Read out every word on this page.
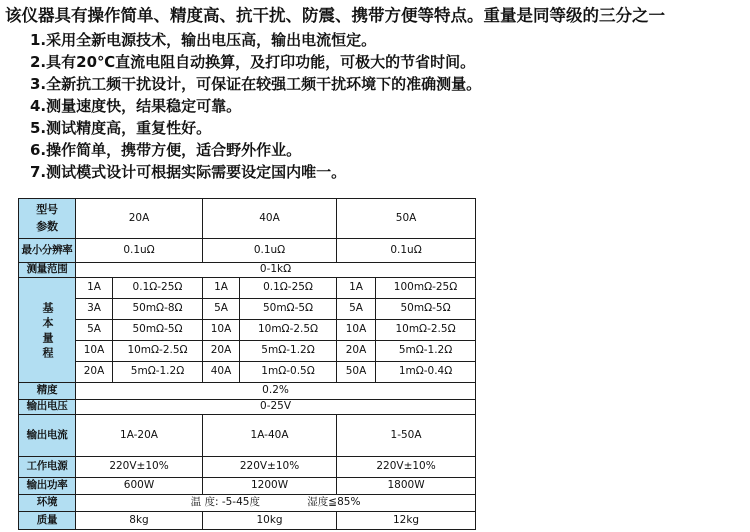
该仪器具有操作简单、精度高、抗干扰、防震、携带方便等特点。重量是同等级的三分之一
1.采用全新电源技术，输出电压高，输出电流恒定。
2.具有20℃直流电阻自动换算，及打印功能，可极大的节省时间。
3.全新抗工频干扰设计，可保证在较强工频干扰环境下的准确测量。
4.测量速度快，结果稳定可靠。
5.测试精度高，重复性好。
6.操作简单，携带方便，适合野外作业。
7.测试模式设计可根据实际需要设定国内唯一。
型号
参数	20A		40A		50A	
最小分辨率	0.1uΩ		0.1uΩ		0.1uΩ	
测量范围	0-1kΩ					
基本量程	1A	0.1Ω-25Ω	1A	0.1Ω-25Ω	1A	100mΩ-25Ω
	3A	50mΩ-8Ω	5A	50mΩ-5Ω	5A	50mΩ-5Ω
	5A	50mΩ-5Ω	10A	10mΩ-2.5Ω	10A	10mΩ-2.5Ω
	10A	10mΩ-2.5Ω	20A	5mΩ-1.2Ω	20A	5mΩ-1.2Ω
	20A	5mΩ-1.2Ω	40A	1mΩ-0.5Ω	50A	1mΩ-0.4Ω
精度	0.2%					
输出电压	0-25V					
输出电流	1A-20A		1A-40A		1-50A	
工作电源	220V±10%		220V±10%		220V±10%	
输出功率	600W		1200W		1800W	
环境	温 度: -5-45度 湿度≦85%					
质量	8kg		10kg		12kg	
